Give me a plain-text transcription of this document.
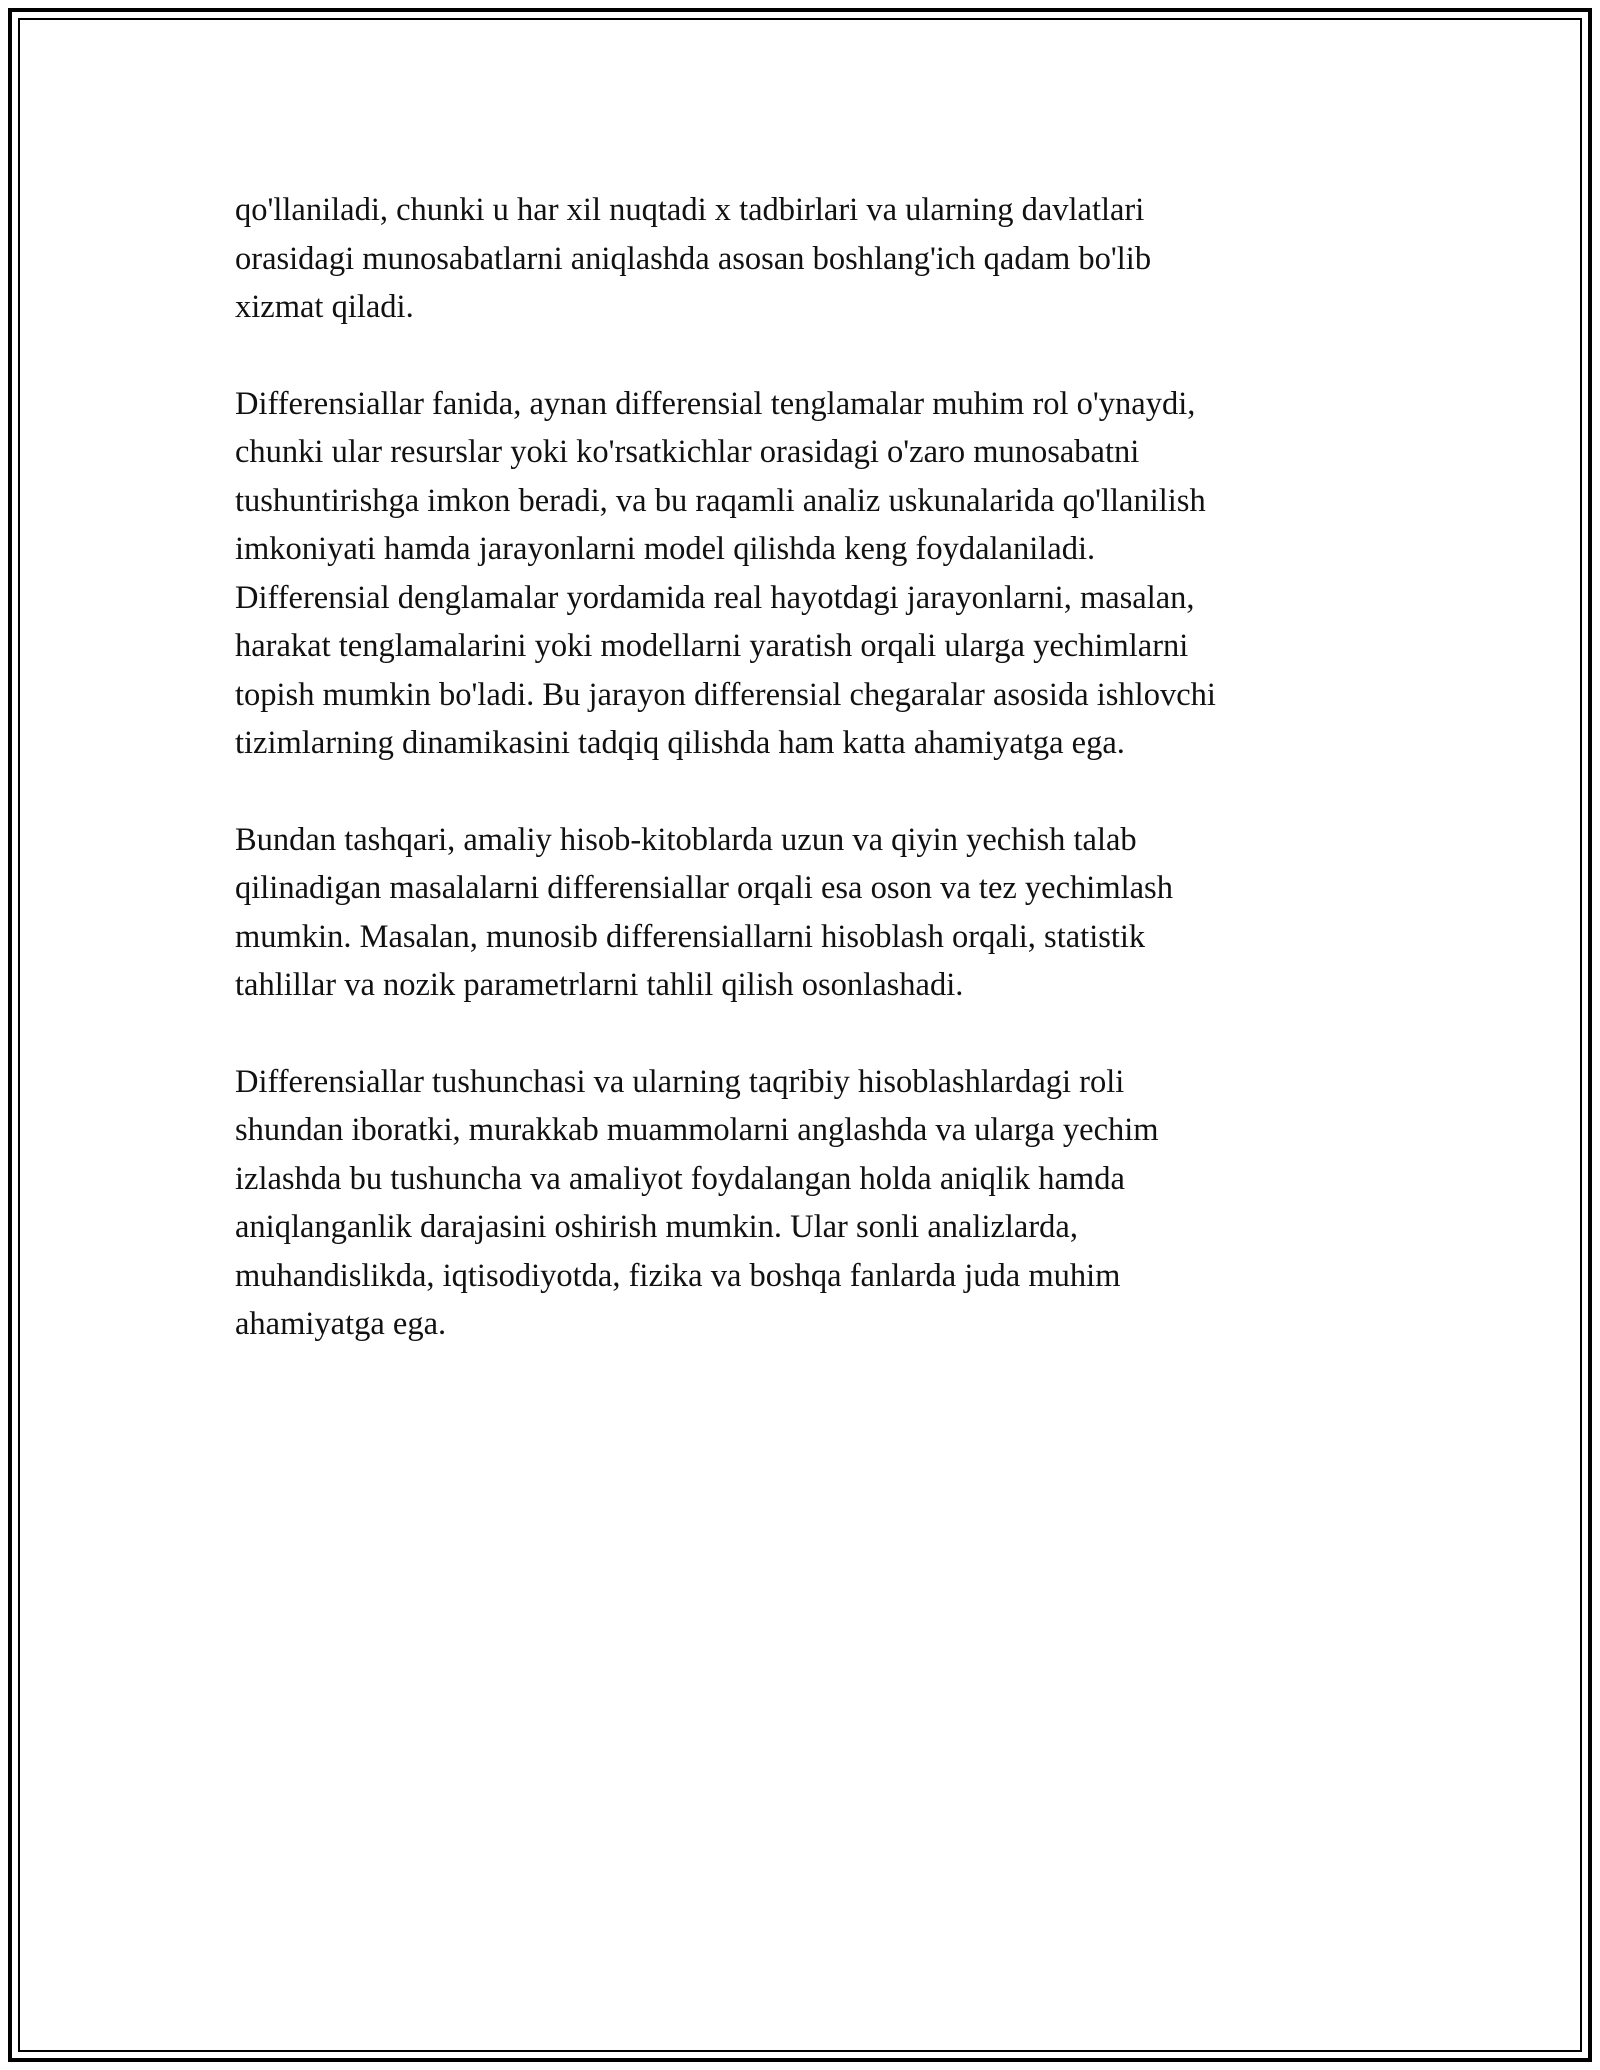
qo'llaniladi, chunki u har xil nuqtadi x tadbirlari va ularning davlatlari
orasidagi munosabatlarni aniqlashda asosan boshlang'ich qadam bo'lib
xizmat qiladi.

Differensiallar fanida, aynan differensial tenglamalar muhim rol o'ynaydi,
chunki ular resurslar yoki ko'rsatkichlar orasidagi o'zaro munosabatni
tushuntirishga imkon beradi, va bu raqamli analiz uskunalarida qo'llanilish
imkoniyati hamda jarayonlarni model qilishda keng foydalaniladi.
Differensial denglamalar yordamida real hayotdagi jarayonlarni, masalan,
harakat tenglamalarini yoki modellarni yaratish orqali ularga yechimlarni
topish mumkin bo'ladi. Bu jarayon differensial chegaralar asosida ishlovchi
tizimlarning dinamikasini tadqiq qilishda ham katta ahamiyatga ega.

Bundan tashqari, amaliy hisob-kitoblarda uzun va qiyin yechish talab
qilinadigan masalalarni differensiallar orqali esa oson va tez yechimlash
mumkin. Masalan, munosib differensiallarni hisoblash orqali, statistik
tahlillar va nozik parametrlarni tahlil qilish osonlashadi.

Differensiallar tushunchasi va ularning taqribiy hisoblashlardagi roli
shundan iboratki, murakkab muammolarni anglashda va ularga yechim
izlashda bu tushuncha va amaliyot foydalangan holda aniqlik hamda
aniqlanganlik darajasini oshirish mumkin. Ular sonli analizlarda,
muhandislikda, iqtisodiyotda, fizika va boshqa fanlarda juda muhim
ahamiyatga ega.
